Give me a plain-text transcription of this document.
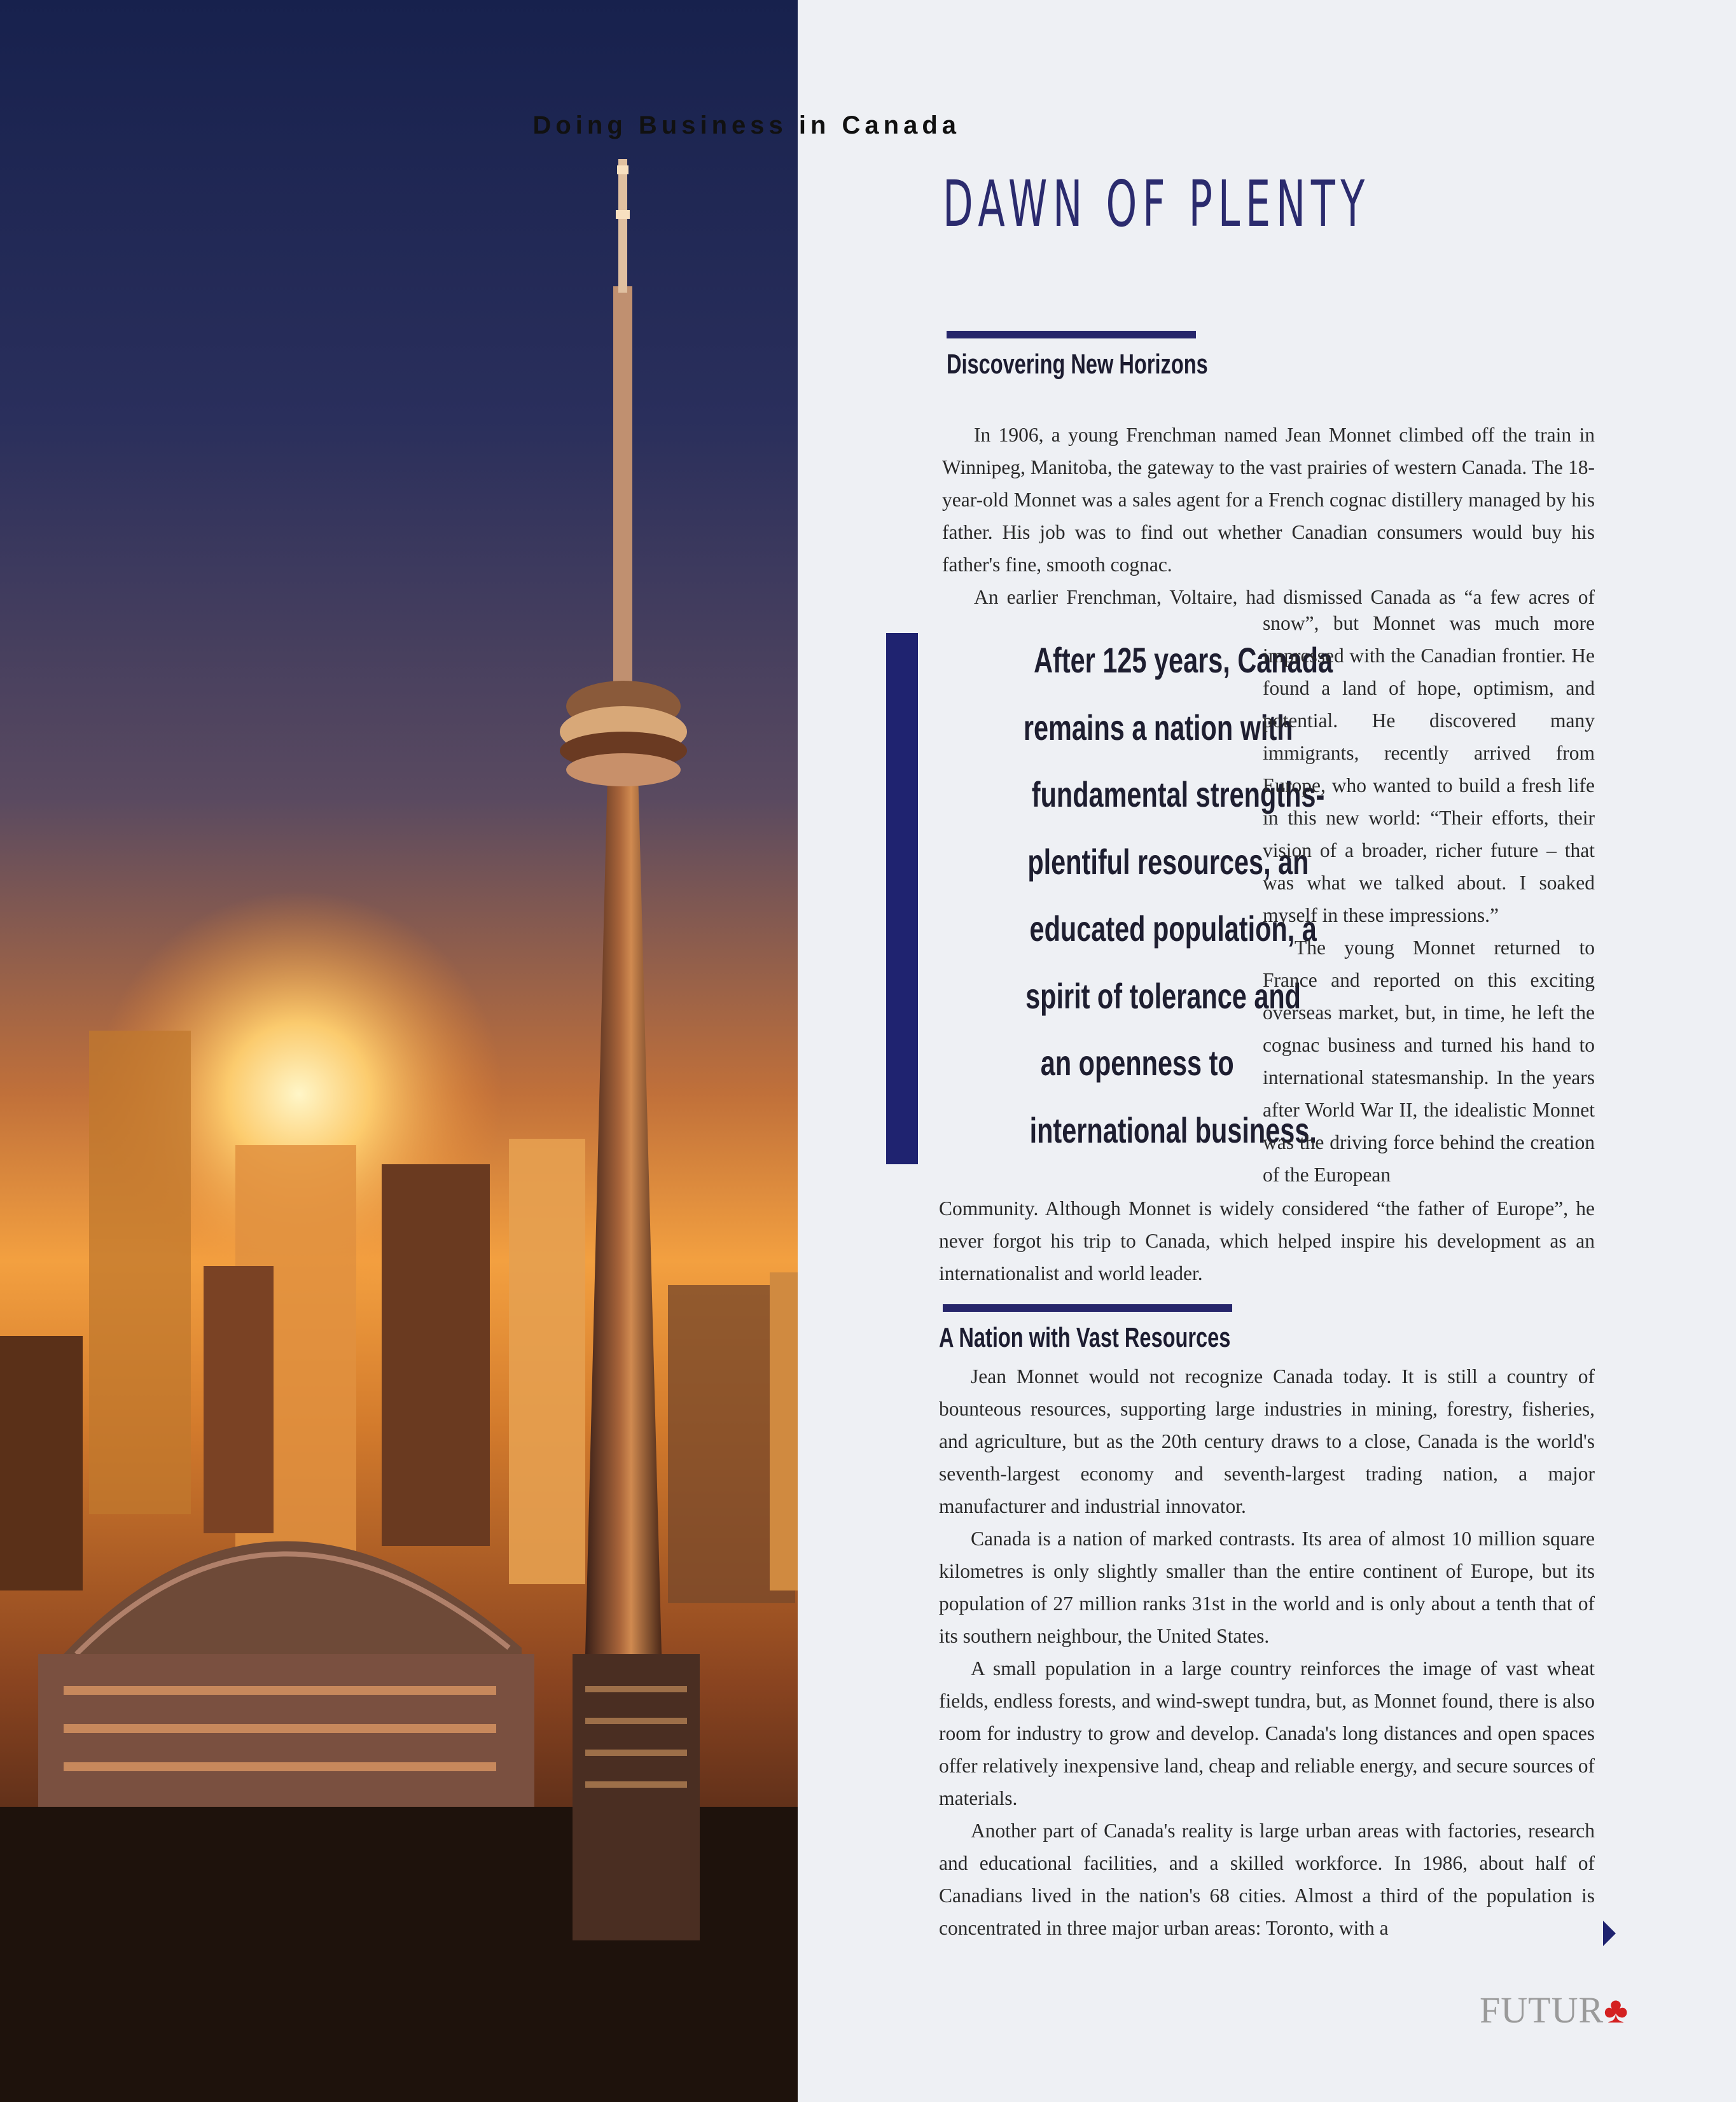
Doing Business in Canada
DAWN OF PLENTY
Discovering New Horizons

In 1906, a young Frenchman named Jean Monnet climbed off the train in Winnipeg, Manitoba, the gateway to the vast prairies of western Canada. The 18-year-old Monnet was a sales agent for a French cognac distillery managed by his father. His job was to find out whether Canadian consumers would buy his father's fine, smooth cognac.

An earlier Frenchman, Voltaire, had dismissed Canada as “a few acres of

After 125 years, Canada
remains a nation with
fundamental strengths-
plentiful resources, an
educated population, a
spirit of tolerance and
an openness to
international business.

snow”, but Monnet was much more impressed with the Canadian frontier. He found a land of hope, optimism, and potential. He discovered many immigrants, recently arrived from Europe, who wanted to build a fresh life in this new world: “Their efforts, their vision of a broader, richer future – that was what we talked about. I soaked myself in these impressions.”

The young Monnet returned to France and reported on this exciting overseas market, but, in time, he left the cognac business and turned his hand to international statesmanship. In the years after World War II, the idealistic Monnet was the driving force behind the creation of the European

Community. Although Monnet is widely considered “the father of Europe”, he never forgot his trip to Canada, which helped inspire his development as an internationalist and world leader.

A Nation with Vast Resources

Jean Monnet would not recognize Canada today. It is still a country of bounteous resources, supporting large industries in mining, forestry, fisheries, and agriculture, but as the 20th century draws to a close, Canada is the world's seventh-largest economy and seventh-largest trading nation, a major manufacturer and industrial innovator.

Canada is a nation of marked contrasts. Its area of almost 10 million square kilometres is only slightly smaller than the entire continent of Europe, but its population of 27 million ranks 31st in the world and is only about a tenth that of its southern neighbour, the United States.

A small population in a large country reinforces the image of vast wheat fields, endless forests, and wind-swept tundra, but, as Monnet found, there is also room for industry to grow and develop. Canada's long distances and open spaces offer relatively inexpensive land, cheap and reliable energy, and secure sources of materials.

Another part of Canada's reality is large urban areas with factories, research and educational facilities, and a skilled workforce. In 1986, about half of Canadians lived in the nation's 68 cities. Almost a third of the population is concentrated in three major urban areas: Toronto, with a

FUTUR♣
